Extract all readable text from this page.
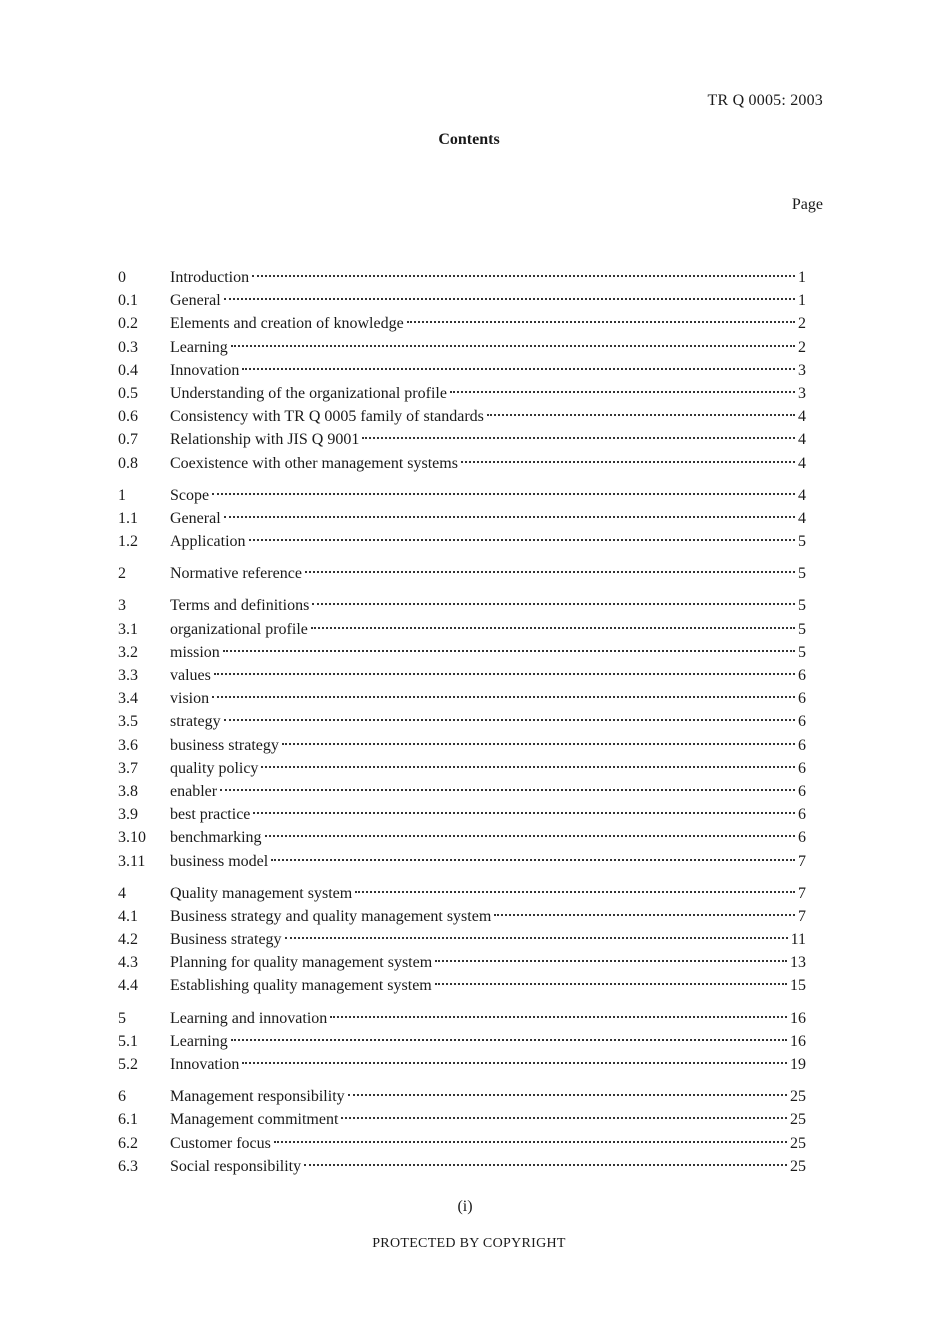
TR Q 0005: 2003
Contents
Page
0	Introduction	1
0.1	General	1
0.2	Elements and creation of knowledge	2
0.3	Learning	2
0.4	Innovation	3
0.5	Understanding of the organizational profile	3
0.6	Consistency with TR Q 0005 family of standards	4
0.7	Relationship with JIS Q 9001	4
0.8	Coexistence with other management systems	4
1	Scope	4
1.1	General	4
1.2	Application	5
2	Normative reference	5
3	Terms and definitions	5
3.1	organizational profile	5
3.2	mission	5
3.3	values	6
3.4	vision	6
3.5	strategy	6
3.6	business strategy	6
3.7	quality policy	6
3.8	enabler	6
3.9	best practice	6
3.10	benchmarking	6
3.11	business model	7
4	Quality management system	7
4.1	Business strategy and quality management system	7
4.2	Business strategy	11
4.3	Planning for quality management system	13
4.4	Establishing quality management system	15
5	Learning and innovation	16
5.1	Learning	16
5.2	Innovation	19
6	Management responsibility	25
6.1	Management commitment	25
6.2	Customer focus	25
6.3	Social responsibility	25
(i)
PROTECTED BY COPYRIGHT
